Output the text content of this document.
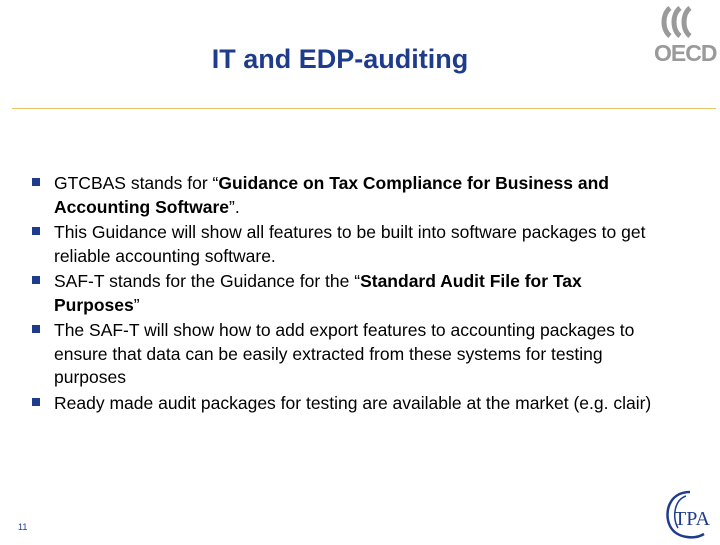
IT and EDP-auditing	OECD
GTCBAS stands for “Guidance on Tax Compliance for Business and Accounting Software”.
This Guidance will show all features to be built into software packages to get reliable accounting software.
SAF-T stands for the Guidance for the “Standard Audit File for Tax Purposes”
The SAF-T will show how to add export features to accounting packages to ensure that data can be easily extracted from these systems for testing purposes
Ready made audit packages for testing are available at the market (e.g. clair)
11	TPA
